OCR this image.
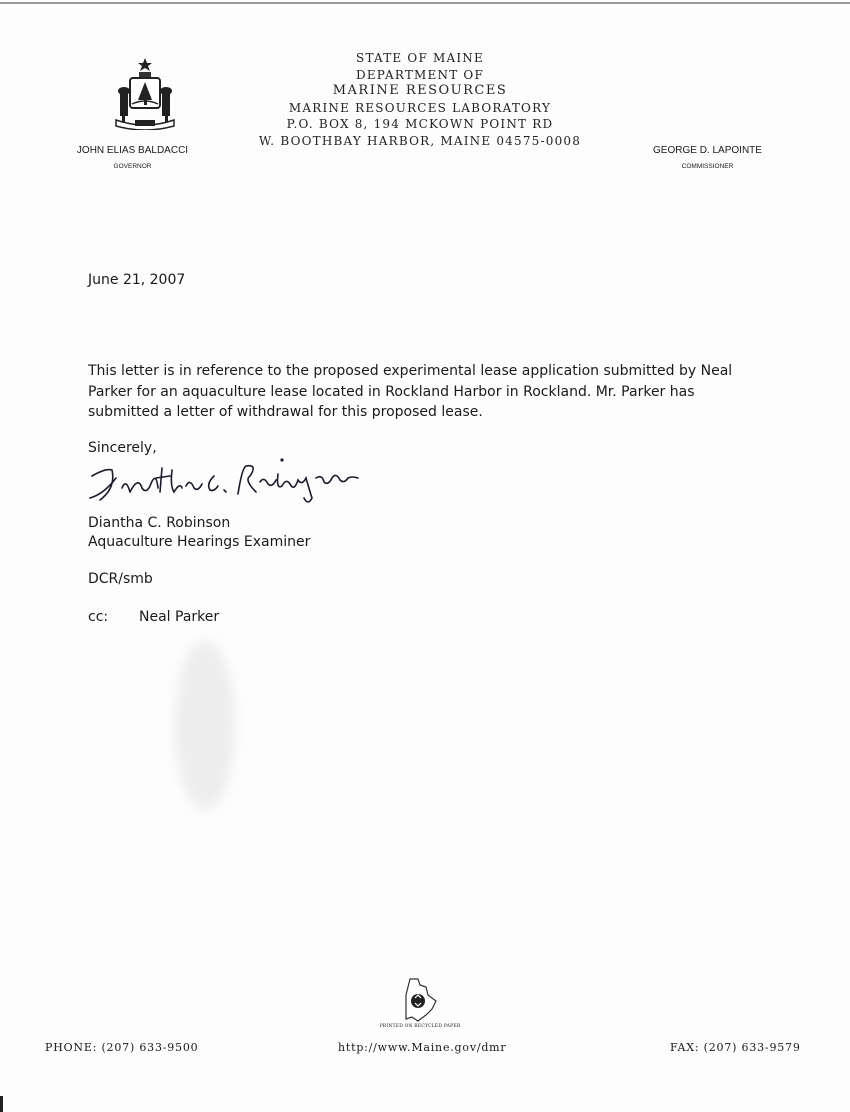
STATE OF MAINE
DEPARTMENT OF
MARINE RESOURCES
MARINE RESOURCES LABORATORY
P.O. BOX 8, 194 MCKOWN POINT RD
W. BOOTHBAY HARBOR, MAINE 04575-0008
JOHN ELIAS BALDACCI
GOVERNOR
GEORGE D. LAPOINTE
COMMISSIONER
June 21, 2007
This letter is in reference to the proposed experimental lease application submitted by Neal
Parker for an aquaculture lease located in Rockland Harbor in Rockland. Mr. Parker has
submitted a letter of withdrawal for this proposed lease.
Sincerely,
Diantha C. Robinson
Aquaculture Hearings Examiner
DCR/smb
cc: Neal Parker
PRINTED ON RECYCLED PAPER
PHONE: (207) 633-9500	http://www.Maine.gov/dmr	FAX: (207) 633-9579
